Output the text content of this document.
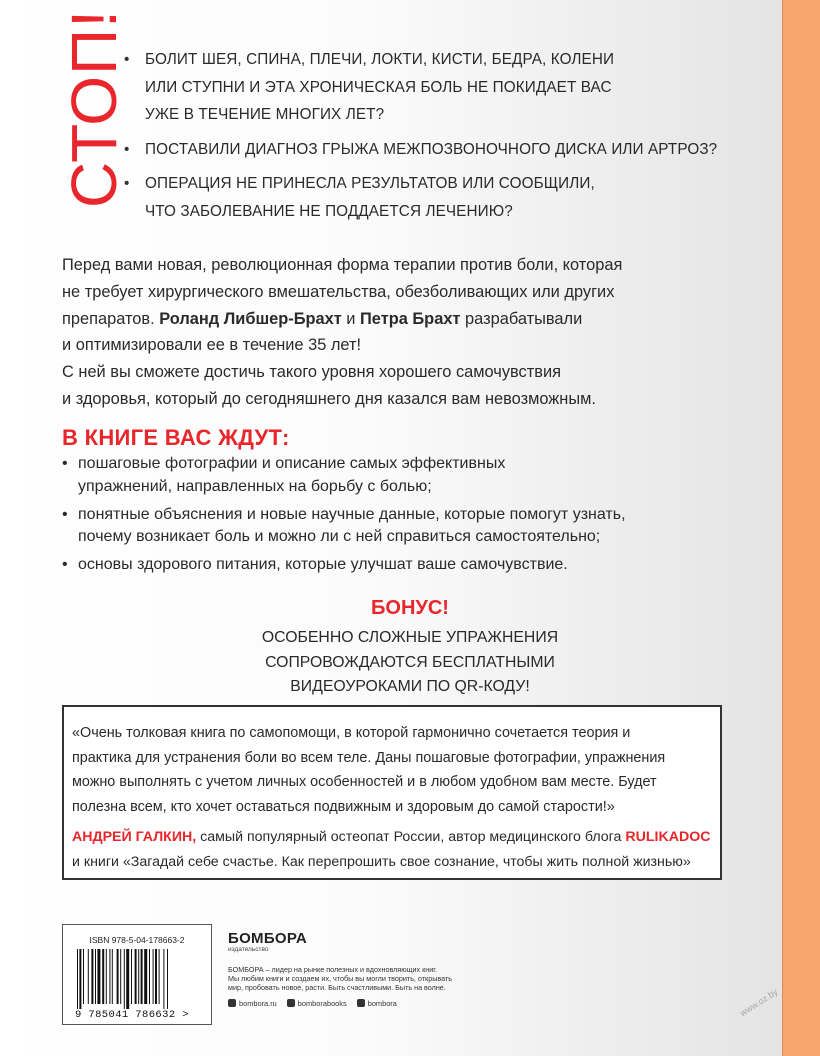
СТОП!
• БОЛИТ ШЕЯ, СПИНА, ПЛЕЧИ, ЛОКТИ, КИСТИ, БЕДРА, КОЛЕНИ
ИЛИ СТУПНИ И ЭТА ХРОНИЧЕСКАЯ БОЛЬ НЕ ПОКИДАЕТ ВАС
УЖЕ В ТЕЧЕНИЕ МНОГИХ ЛЕТ?
• ПОСТАВИЛИ ДИАГНОЗ ГРЫЖА МЕЖПОЗВОНОЧНОГО ДИСКА ИЛИ АРТРОЗ?
• ОПЕРАЦИЯ НЕ ПРИНЕСЛА РЕЗУЛЬТАТОВ ИЛИ СООБЩИЛИ,
ЧТО ЗАБОЛЕВАНИЕ НЕ ПОДДАЕТСЯ ЛЕЧЕНИЮ?
Перед вами новая, революционная форма терапии против боли, которая
не требует хирургического вмешательства, обезболивающих или других
препаратов. Роланд Либшер-Брахт и Петра Брахт разрабатывали
и оптимизировали ее в течение 35 лет!
С ней вы сможете достичь такого уровня хорошего самочувствия
и здоровья, который до сегодняшнего дня казался вам невозможным.
В КНИГЕ ВАС ЖДУТ:
• пошаговые фотографии и описание самых эффективных
упражнений, направленных на борьбу с болью;
• понятные объяснения и новые научные данные, которые помогут узнать,
почему возникает боль и можно ли с ней справиться самостоятельно;
• основы здорового питания, которые улучшат ваше самочувствие.
БОНУС!
ОСОБЕННО СЛОЖНЫЕ УПРАЖНЕНИЯ СОПРОВОЖДАЮТСЯ БЕСПЛАТНЫМИ
ВИДЕОУРОКАМИ ПО QR-КОДУ!
«Очень толковая книга по самопомощи, в которой гармонично сочетается теория и
практика для устранения боли во всем теле. Даны пошаговые фотографии, упражнения
можно выполнять с учетом личных особенностей и в любом удобном вам месте. Будет
полезна всем, кто хочет оставаться подвижным и здоровым до самой старости!»
АНДРЕЙ ГАЛКИН, самый популярный остеопат России, автор медицинского блога RULIKADOC
и книги «Загадай себе счастье. Как перепрошить свое сознание, чтобы жить полной жизнью»
ISBN 978-5-04-178663-2
9 785041 786632 >
БОМБОРА
издательство
БОМБОРА – лидер на рынке полезных и вдохновляющих книг.
Мы любим книги и создаем их, чтобы вы могли творить, открывать
мир, пробовать новое, расти. Быть счастливыми. Быть на волне.
bombora.ru	bomborabooks	bombora	www.oz.by
